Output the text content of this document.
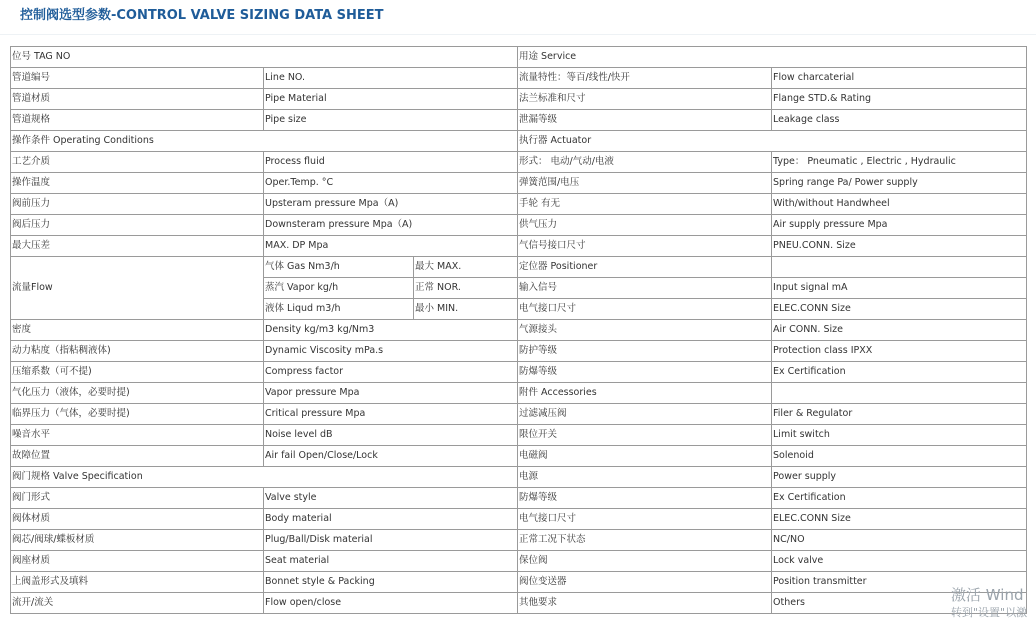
控制阀选型参数-CONTROL VALVE SIZING DATA SHEET
位号 TAG NO			用途 Service	
管道编号	Line NO.		流量特性：等百/线性/快开	Flow charcaterial
管道材质	Pipe Material		法兰标准和尺寸	Flange STD.& Rating
管道规格	Pipe size		泄漏等级	Leakage class
操作条件 Operating Conditions			执行器 Actuator	
工艺介质	Process fluid		形式： 电动/气动/电液	Type： Pneumatic , Electric , Hydraulic
操作温度	Oper.Temp. °C		弹簧范围/电压	Spring range Pa/ Power supply
阀前压力	Upsteram pressure Mpa（A)		手轮 有无	With/without Handwheel
阀后压力	Downsteram pressure Mpa（A)		供气压力	Air supply pressure Mpa
最大压差	MAX. DP Mpa		气信号接口尺寸	PNEU.CONN. Size
流量Flow	气体 Gas Nm3/h	最大 MAX.	定位器 Positioner	
	蒸汽 Vapor kg/h	正常 NOR.	输入信号	Input signal mA
	液体 Liqud m3/h	最小 MIN.	电气接口尺寸	ELEC.CONN Size
密度	Density kg/m3 kg/Nm3		气源接头	Air CONN. Size
动力粘度（指粘稠液体)	Dynamic Viscosity mPa.s		防护等级	Protection class IPXX
压缩系数（可不提)	Compress factor		防爆等级	Ex Certification
气化压力（液体，必要时提)	Vapor pressure Mpa		附件 Accessories	
临界压力（气体，必要时提)	Critical pressure Mpa		过滤减压阀	Filer & Regulator
噪音水平	Noise level dB		限位开关	Limit switch
故障位置	Air fail Open/Close/Lock		电磁阀	Solenoid
阀门规格 Valve Specification			电源	Power supply
阀门形式	Valve style		防爆等级	Ex Certification
阀体材质	Body material		电气接口尺寸	ELEC.CONN Size
阀芯/阀球/蝶板材质	Plug/Ball/Disk material		正常工况下状态	NC/NO
阀座材质	Seat material		保位阀	Lock valve
上阀盖形式及填料	Bonnet style & Packing		阀位变送器	Position transmitter
流开/流关	Flow open/close		其他要求	Others	激活 Wind
转到"设置"以激
